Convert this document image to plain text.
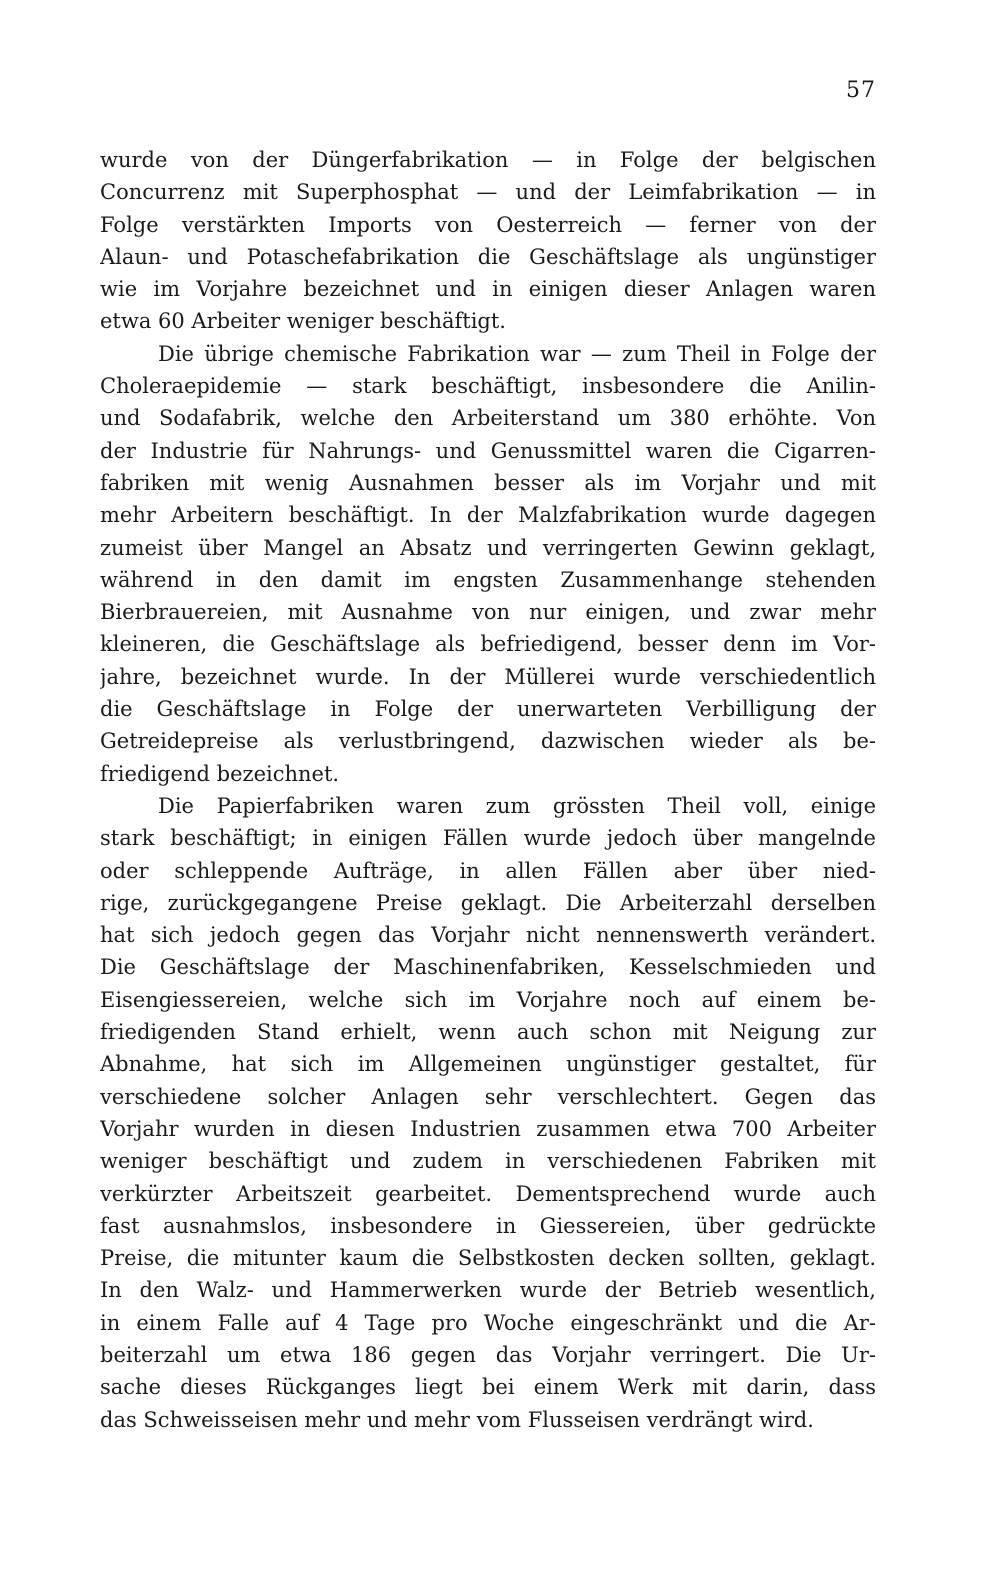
57
wurde von der Düngerfabrikation — in Folge der belgischen
Concurrenz mit Superphosphat — und der Leimfabrikation — in
Folge verstärkten Imports von Oesterreich — ferner von der
Alaun- und Potaschefabrikation die Geschäftslage als ungünstiger
wie im Vorjahre bezeichnet und in einigen dieser Anlagen waren
etwa 60 Arbeiter weniger beschäftigt.
Die übrige chemische Fabrikation war — zum Theil in Folge der
Choleraepidemie — stark beschäftigt, insbesondere die Anilin-
und Sodafabrik, welche den Arbeiterstand um 380 erhöhte. Von
der Industrie für Nahrungs- und Genussmittel waren die Cigarren-
fabriken mit wenig Ausnahmen besser als im Vorjahr und mit
mehr Arbeitern beschäftigt. In der Malzfabrikation wurde dagegen
zumeist über Mangel an Absatz und verringerten Gewinn geklagt,
während in den damit im engsten Zusammenhange stehenden
Bierbrauereien, mit Ausnahme von nur einigen, und zwar mehr
kleineren, die Geschäftslage als befriedigend, besser denn im Vor-
jahre, bezeichnet wurde. In der Müllerei wurde verschiedentlich
die Geschäftslage in Folge der unerwarteten Verbilligung der
Getreidepreise als verlustbringend, dazwischen wieder als be-
friedigend bezeichnet.
Die Papierfabriken waren zum grössten Theil voll, einige
stark beschäftigt; in einigen Fällen wurde jedoch über mangelnde
oder schleppende Aufträge, in allen Fällen aber über nied-
rige, zurückgegangene Preise geklagt. Die Arbeiterzahl derselben
hat sich jedoch gegen das Vorjahr nicht nennenswerth verändert.
Die Geschäftslage der Maschinenfabriken, Kesselschmieden und
Eisengiessereien, welche sich im Vorjahre noch auf einem be-
friedigenden Stand erhielt, wenn auch schon mit Neigung zur
Abnahme, hat sich im Allgemeinen ungünstiger gestaltet, für
verschiedene solcher Anlagen sehr verschlechtert. Gegen das
Vorjahr wurden in diesen Industrien zusammen etwa 700 Arbeiter
weniger beschäftigt und zudem in verschiedenen Fabriken mit
verkürzter Arbeitszeit gearbeitet. Dementsprechend wurde auch
fast ausnahmslos, insbesondere in Giessereien, über gedrückte
Preise, die mitunter kaum die Selbstkosten decken sollten, geklagt.
In den Walz- und Hammerwerken wurde der Betrieb wesentlich,
in einem Falle auf 4 Tage pro Woche eingeschränkt und die Ar-
beiterzahl um etwa 186 gegen das Vorjahr verringert. Die Ur-
sache dieses Rückganges liegt bei einem Werk mit darin, dass
das Schweisseisen mehr und mehr vom Flusseisen verdrängt wird.
